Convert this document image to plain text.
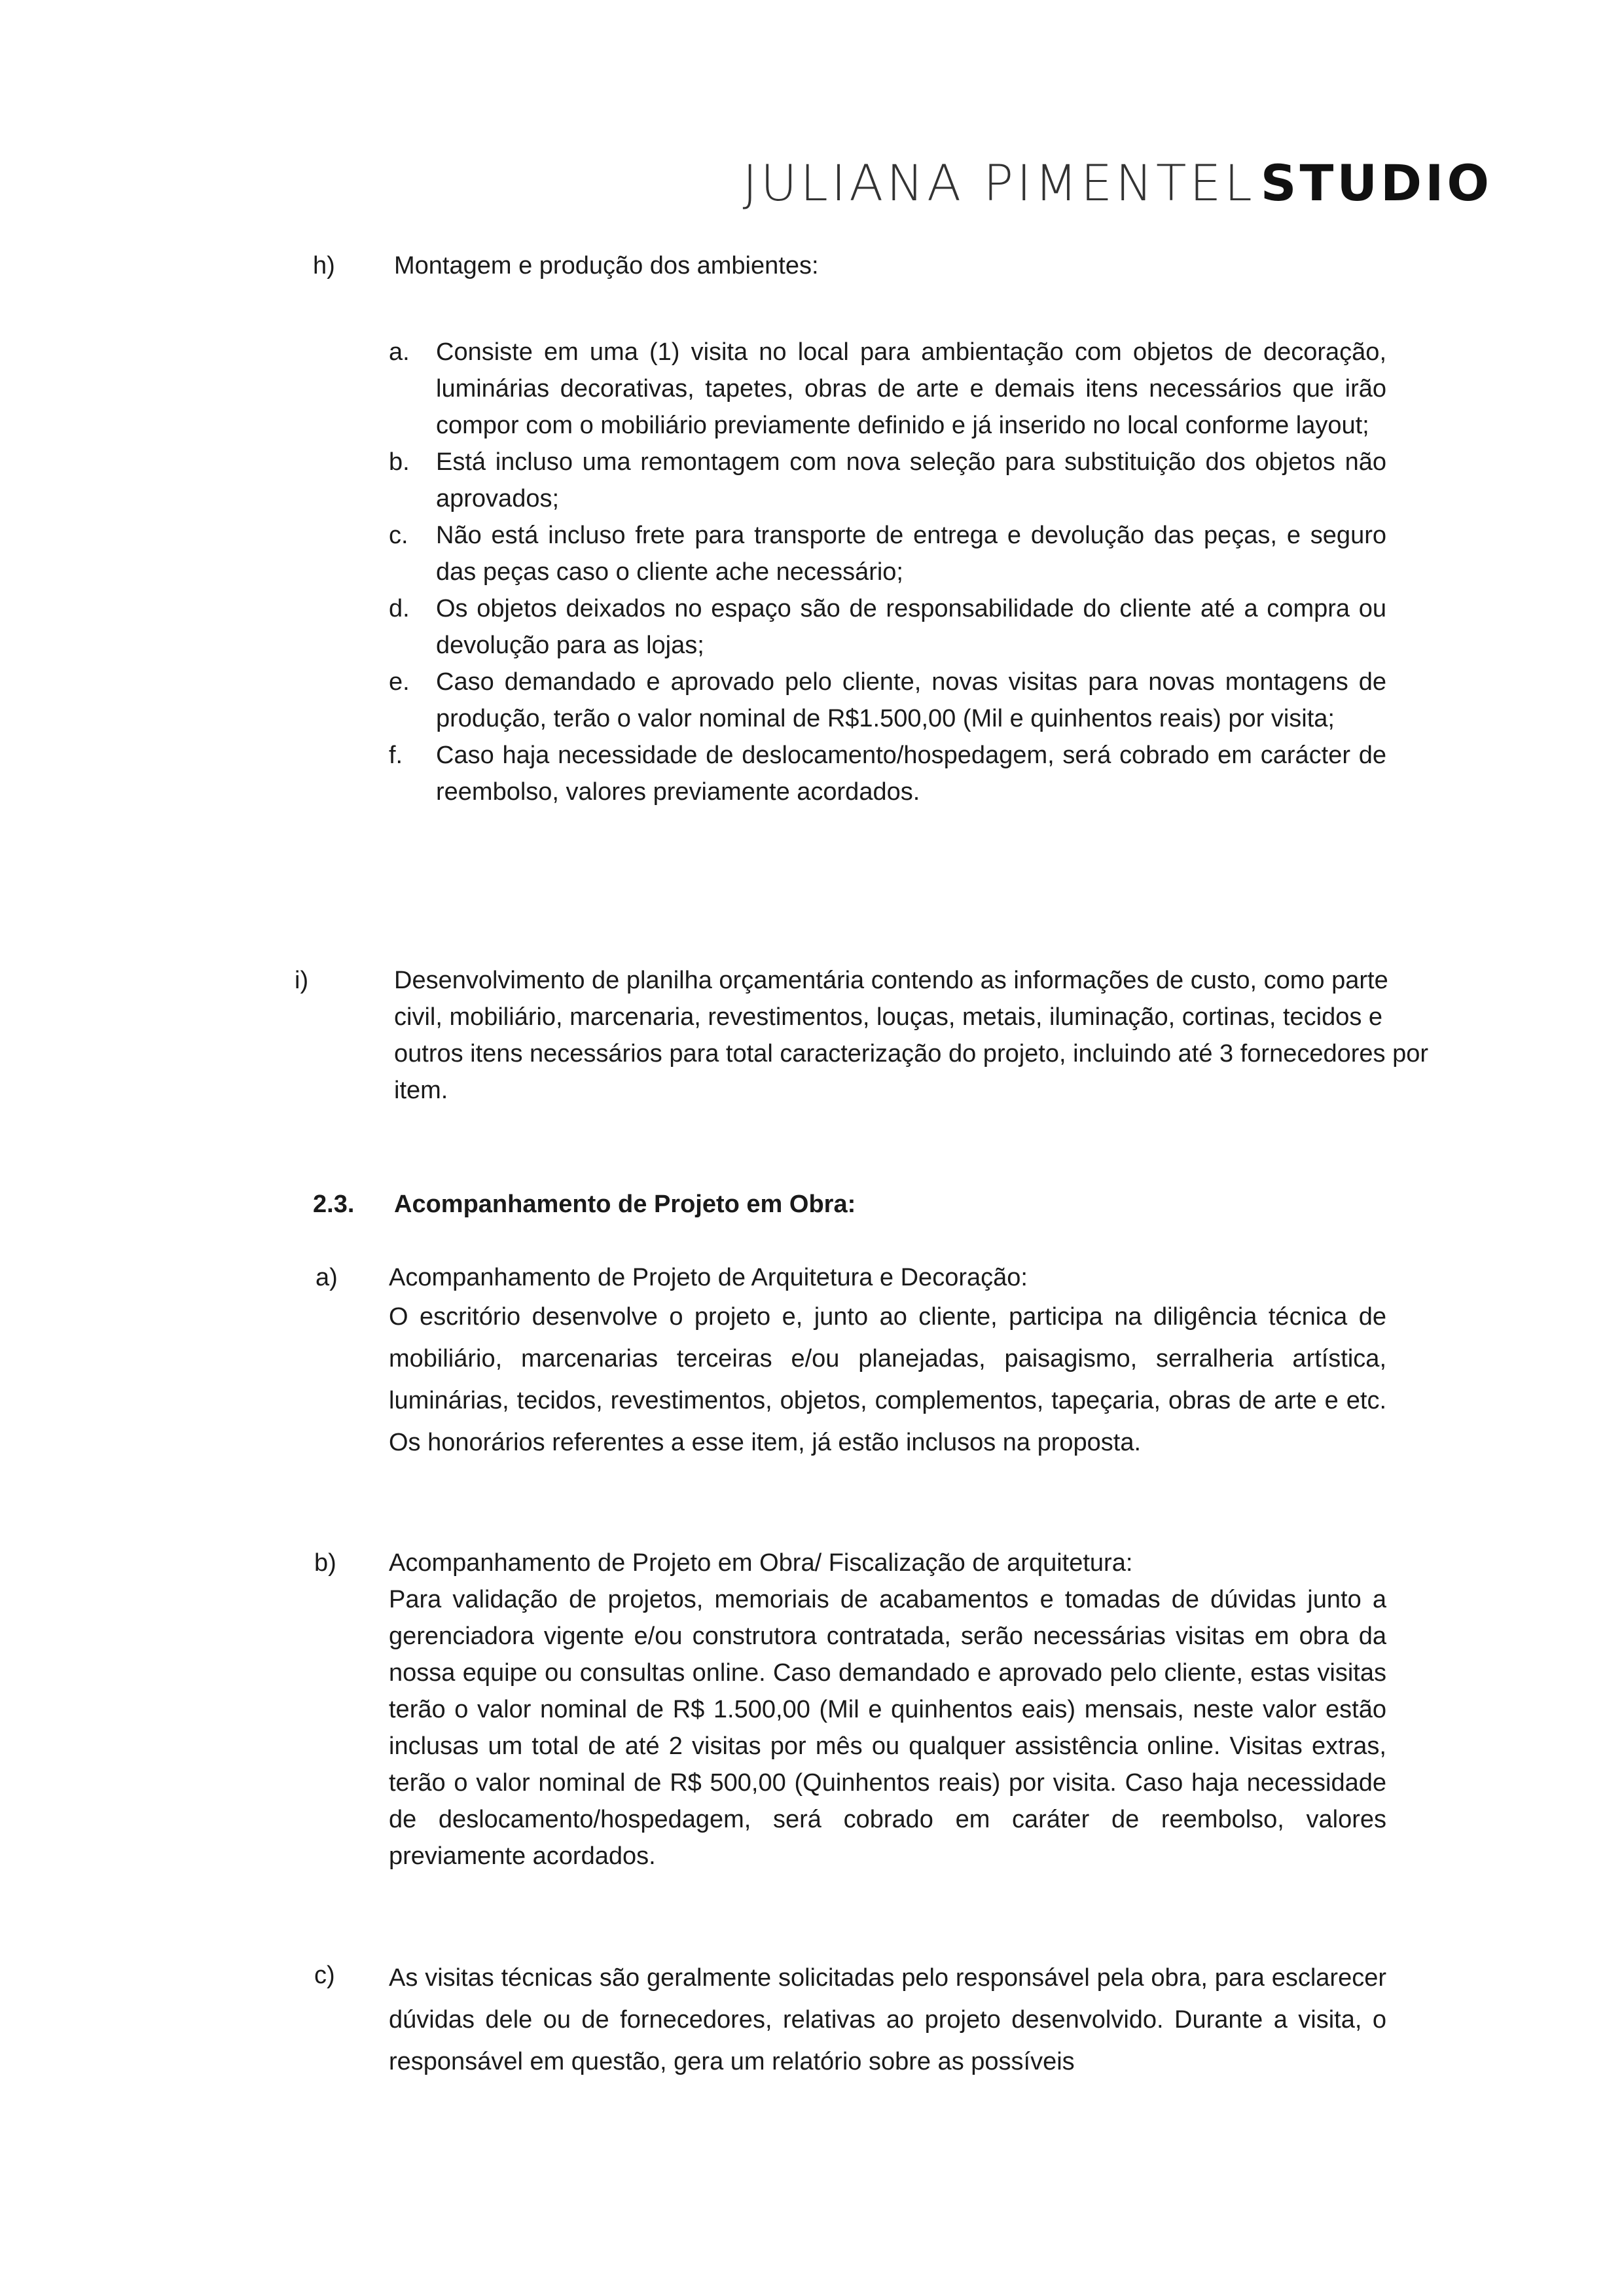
JULIANA PIMENTEL STUDIO
h) Montagem e produção dos ambientes:
a. Consiste em uma (1) visita no local para ambientação com objetos de decoração, luminárias decorativas, tapetes, obras de arte e demais itens necessários que irão compor com o mobiliário previamente definido e já inserido no local conforme layout;
b. Está incluso uma remontagem com nova seleção para substituição dos objetos não aprovados;
c. Não está incluso frete para transporte de entrega e devolução das peças, e seguro das peças caso o cliente ache necessário;
d. Os objetos deixados no espaço são de responsabilidade do cliente até a compra ou devolução para as lojas;
e. Caso demandado e aprovado pelo cliente, novas visitas para novas montagens de produção, terão o valor nominal de R$1.500,00 (Mil e quinhentos reais) por visita;
f. Caso haja necessidade de deslocamento/hospedagem, será cobrado em carácter de reembolso, valores previamente acordados.
i)	Desenvolvimento de planilha orçamentária contendo as informações de custo, como parte civil, mobiliário, marcenaria, revestimentos, louças, metais, iluminação, cortinas, tecidos e outros itens necessários para total caracterização do projeto, incluindo até 3 fornecedores por item.
2.3. Acompanhamento de Projeto em Obra:
a) Acompanhamento de Projeto de Arquitetura e Decoração:
O escritório desenvolve o projeto e, junto ao cliente, participa na diligência técnica de mobiliário, marcenarias terceiras e/ou planejadas, paisagismo, serralheria artística, luminárias, tecidos, revestimentos, objetos, complementos, tapeçaria, obras de arte e etc. Os honorários referentes a esse item, já estão inclusos na proposta.
b) Acompanhamento de Projeto em Obra/ Fiscalização de arquitetura:
Para validação de projetos, memoriais de acabamentos e tomadas de dúvidas junto a gerenciadora vigente e/ou construtora contratada, serão necessárias visitas em obra da nossa equipe ou consultas online. Caso demandado e aprovado pelo cliente, estas visitas terão o valor nominal de R$ 1.500,00 (Mil e quinhentos eais) mensais, neste valor estão inclusas um total de até 2 visitas por mês ou qualquer assistência online. Visitas extras, terão o valor nominal de R$ 500,00 (Quinhentos reais) por visita. Caso haja necessidade de deslocamento/hospedagem, será cobrado em caráter de reembolso, valores previamente acordados.
c) As visitas técnicas são geralmente solicitadas pelo responsável pela obra, para esclarecer dúvidas dele ou de fornecedores, relativas ao projeto desenvolvido. Durante a visita, o responsável em questão, gera um relatório sobre as possíveis
